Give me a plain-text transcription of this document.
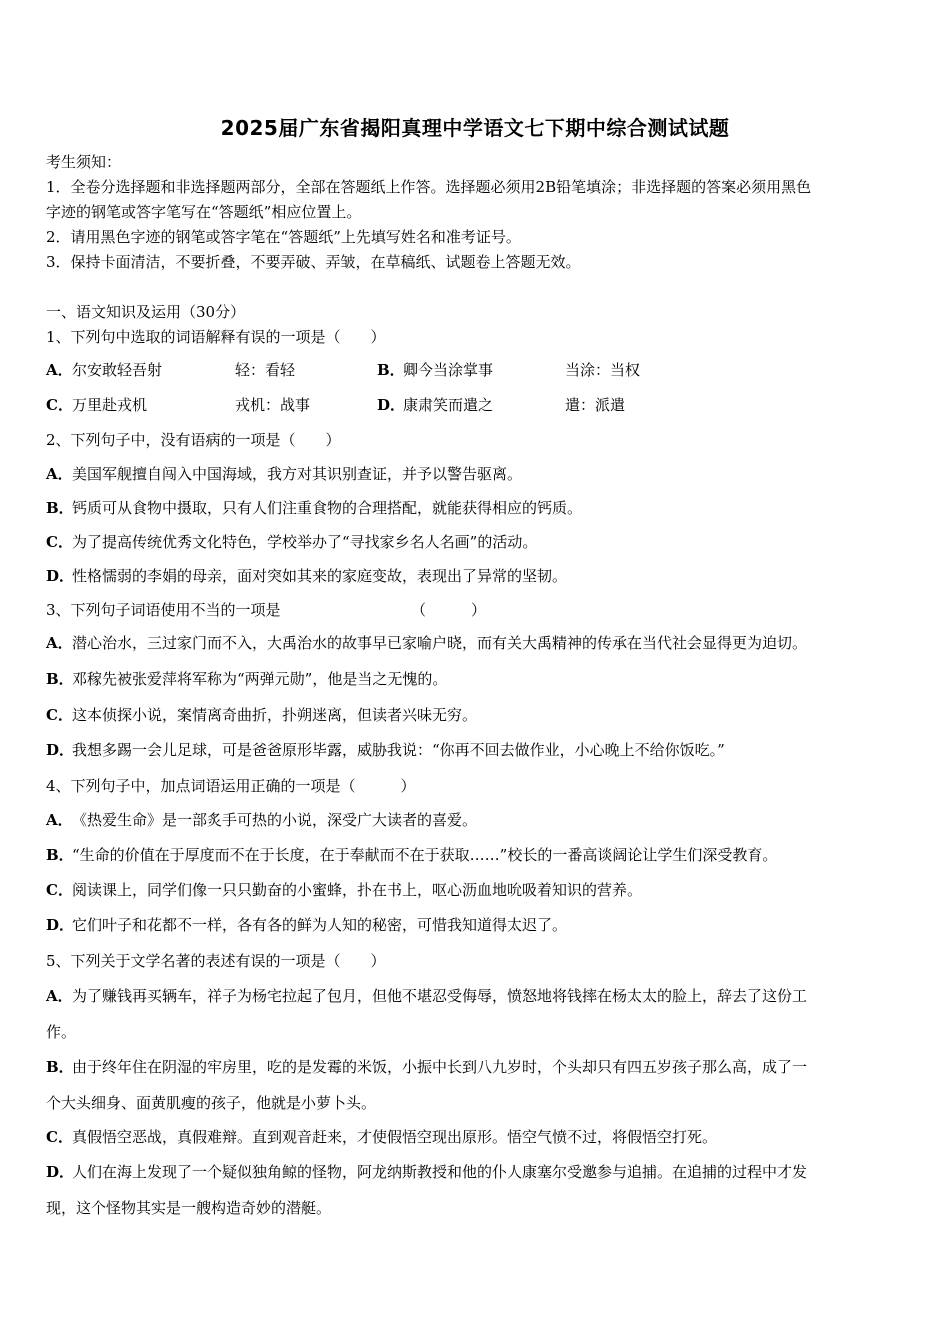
2025届广东省揭阳真理中学语文七下期中综合测试试题
考生须知：
1．全卷分选择题和非选择题两部分，全部在答题纸上作答。选择题必须用2B铅笔填涂；非选择题的答案必须用黑色
字迹的钢笔或答字笔写在“答题纸”相应位置上。
2．请用黑色字迹的钢笔或答字笔在“答题纸”上先填写姓名和准考证号。
3．保持卡面清洁，不要折叠，不要弄破、弄皱，在草稿纸、试题卷上答题无效。
一、语文知识及运用（30分）
1、下列句中选取的词语解释有误的一项是（　　）
A．尔安敢轻吾射	轻：看轻	B．卿今当涂掌事	当涂：当权
C．万里赴戎机	戎机：战事	D．康肃笑而遣之	遣：派遣
2、下列句子中，没有语病的一项是（　　）
A．美国军舰擅自闯入中国海域，我方对其识别查证，并予以警告驱离。
B．钙质可从食物中摄取，只有人们注重食物的合理搭配，就能获得相应的钙质。
C．为了提高传统优秀文化特色，学校举办了“寻找家乡名人名画”的活动。
D．性格懦弱的李娟的母亲，面对突如其来的家庭变故，表现出了异常的坚韧。
3、下列句子词语使用不当的一项是	（　　　）
A．潜心治水，三过家门而不入，大禹治水的故事早已家喻户晓，而有关大禹精神的传承在当代社会显得更为迫切。
B．邓稼先被张爱萍将军称为“两弹元勋”，他是当之无愧的。
C．这本侦探小说，案情离奇曲折，扑朔迷离，但读者兴味无穷。
D．我想多踢一会儿足球，可是爸爸原形毕露，威胁我说：“你再不回去做作业，小心晚上不给你饭吃。”
4、下列句子中，加点词语运用正确的一项是（　　　）
A．《热爱生命》是一部炙手可热的小说，深受广大读者的喜爱。
B．“生命的价值在于厚度而不在于长度，在于奉献而不在于获取……”校长的一番高谈阔论让学生们深受教育。
C．阅读课上，同学们像一只只勤奋的小蜜蜂，扑在书上，呕心沥血地吮吸着知识的营养。
D．它们叶子和花都不一样，各有各的鲜为人知的秘密，可惜我知道得太迟了。
5、下列关于文学名著的表述有误的一项是（　　）
A．为了赚钱再买辆车，祥子为杨宅拉起了包月，但他不堪忍受侮辱，愤怒地将钱摔在杨太太的脸上，辞去了这份工
作。
B．由于终年住在阴湿的牢房里，吃的是发霉的米饭，小振中长到八九岁时，个头却只有四五岁孩子那么高，成了一
个大头细身、面黄肌瘦的孩子，他就是小萝卜头。
C．真假悟空恶战，真假难辩。直到观音赶来，才使假悟空现出原形。悟空气愤不过，将假悟空打死。
D．人们在海上发现了一个疑似独角鲸的怪物，阿龙纳斯教授和他的仆人康塞尔受邀参与追捕。在追捕的过程中才发
现，这个怪物其实是一艘构造奇妙的潜艇。
